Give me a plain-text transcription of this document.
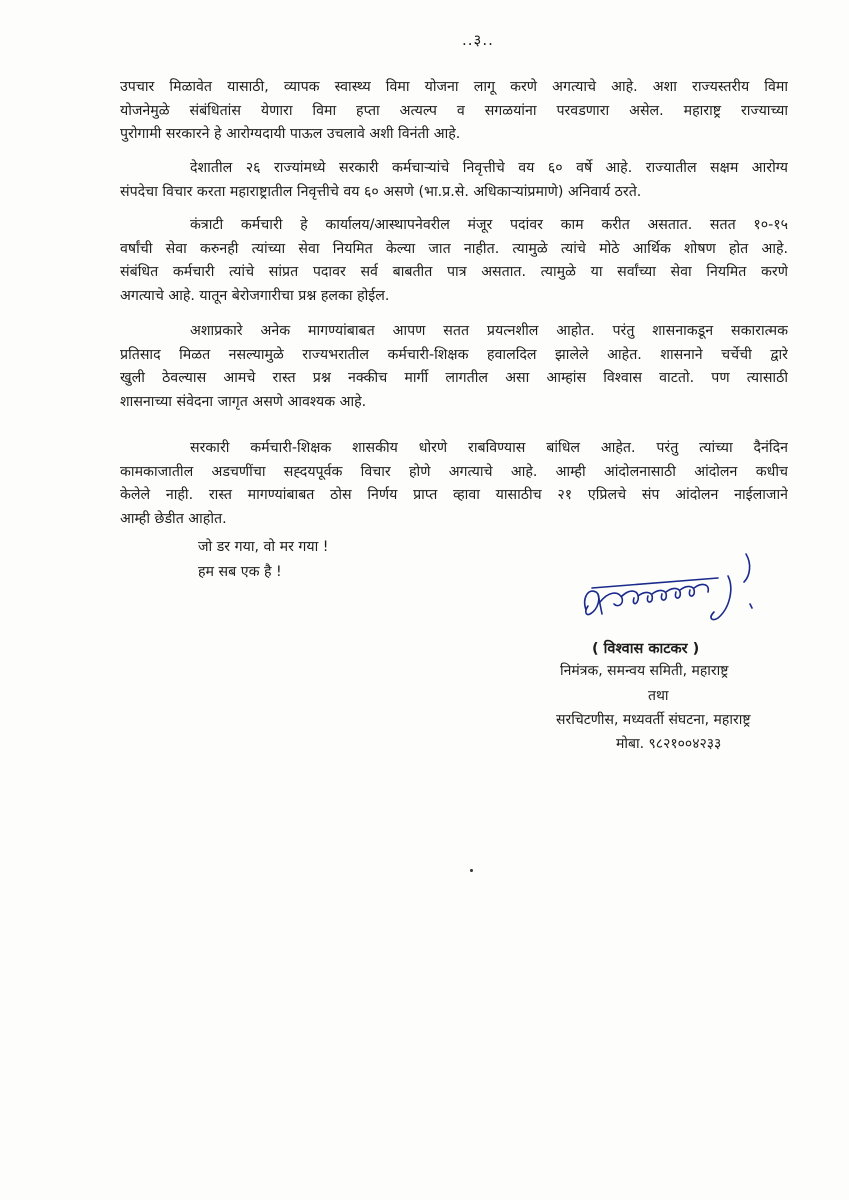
..३..

उपचार मिळावेत यासाठी, व्यापक स्वास्थ्य विमा योजना लागू करणे अगत्याचे आहे. अशा राज्यस्तरीय विमा
योजनेमुळे संबंधितांस येणारा विमा हप्ता अत्यल्प व सगळयांना परवडणारा असेल. महाराष्ट्र राज्याच्या
पुरोगामी सरकारने हे आरोग्यदायी पाऊल उचलावे अशी विनंती आहे.

देशातील २६ राज्यांमध्ये सरकारी कर्मचाऱ्यांचे निवृत्तीचे वय ६० वर्षे आहे. राज्यातील सक्षम आरोग्य
संपदेचा विचार करता महाराष्ट्रातील निवृत्तीचे वय ६० असणे (भा.प्र.से. अधिकाऱ्यांप्रमाणे) अनिवार्य ठरते.

कंत्राटी कर्मचारी हे कार्यालय/आस्थापनेवरील मंजूर पदांवर काम करीत असतात. सतत १०-१५
वर्षांची सेवा करुनही त्यांच्या सेवा नियमित केल्या जात नाहीत. त्यामुळे त्यांचे मोठे आर्थिक शोषण होत आहे.
संबंधित कर्मचारी त्यांचे सांप्रत पदावर सर्व बाबतीत पात्र असतात. त्यामुळे या सर्वांच्या सेवा नियमित करणे
अगत्याचे आहे. यातून बेरोजगारीचा प्रश्न हलका होईल.

अशाप्रकारे अनेक मागण्यांबाबत आपण सतत प्रयत्नशील आहोत. परंतु शासनाकडून सकारात्मक
प्रतिसाद मिळत नसल्यामुळे राज्यभरातील कर्मचारी-शिक्षक हवालदिल झालेले आहेत. शासनाने चर्चेची द्वारे
खुली ठेवल्यास आमचे रास्त प्रश्न नक्कीच मार्गी लागतील असा आम्हांस विश्वास वाटतो. पण त्यासाठी
शासनाच्या संवेदना जागृत असणे आवश्यक आहे.

सरकारी कर्मचारी-शिक्षक शासकीय धोरणे राबविण्यास बांधिल आहेत. परंतु त्यांच्या दैनंदिन
कामकाजातील अडचणींचा सह्दयपूर्वक विचार होणे अगत्याचे आहे. आम्ही आंदोलनासाठी आंदोलन कधीच
केलेले नाही. रास्त मागण्यांबाबत ठोस निर्णय प्राप्त व्हावा यासाठीच २१ एप्रिलचे संप आंदोलन नाईलाजाने
आम्ही छेडीत आहोत.

जो डर गया, वो मर गया !
हम सब एक है !
( विश्वास काटकर )
निमंत्रक, समन्वय समिती, महाराष्ट्र
तथा
सरचिटणीस, मध्यवर्ती संघटना, महाराष्ट्र
मोबा. ९८२१००४२३३
